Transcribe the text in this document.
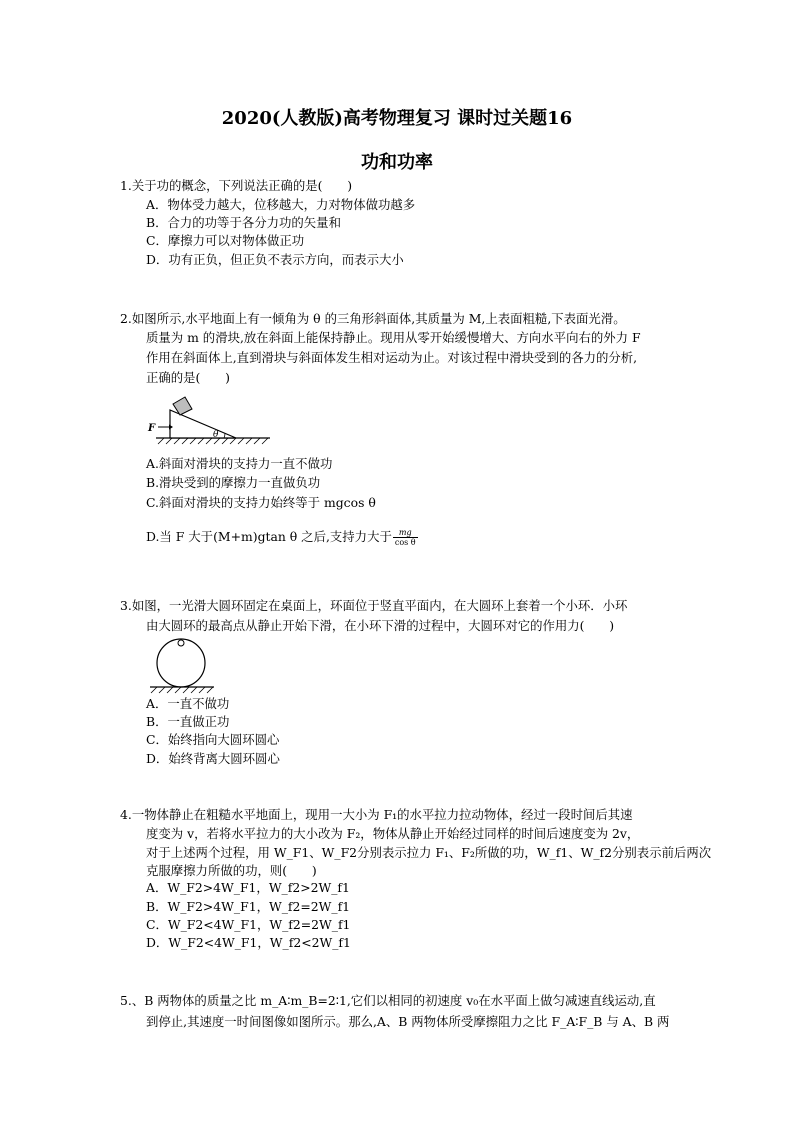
2020(人教版)高考物理复习 课时过关题16
功和功率
1.关于功的概念，下列说法正确的是(　　)
A．物体受力越大，位移越大，力对物体做功越多
B．合力的功等于各分力功的矢量和
C．摩擦力可以对物体做正功
D．功有正负，但正负不表示方向，而表示大小
2.如图所示,水平地面上有一倾角为 θ 的三角形斜面体,其质量为 M,上表面粗糙,下表面光滑。
质量为 m 的滑块,放在斜面上能保持静止。现用从零开始缓慢增大、方向水平向右的外力 F
作用在斜面体上,直到滑块与斜面体发生相对运动为止。对该过程中滑块受到的各力的分析,
正确的是(　　)
θ
F
A.斜面对滑块的支持力一直不做功
B.滑块受到的摩擦力一直做负功
C.斜面对滑块的支持力始终等于 mgcos θ
D.当 F 大于(M+m)gtan θ 之后,支持力大于 $\frac{mg}{\text{cos θ}}$
3.如图，一光滑大圆环固定在桌面上，环面位于竖直平面内，在大圆环上套着一个小环．小环
由大圆环的最高点从静止开始下滑，在小环下滑的过程中，大圆环对它的作用力(　　)
A．一直不做功
B．一直做正功
C．始终指向大圆环圆心
D．始终背离大圆环圆心
4.一物体静止在粗糙水平地面上，现用一大小为 F₁的水平拉力拉动物体，经过一段时间后其速
度变为 v，若将水平拉力的大小改为 F₂，物体从静止开始经过同样的时间后速度变为 2v，
对于上述两个过程，用 W_F1、W_F2分别表示拉力 F₁、F₂所做的功，W_f1、W_f2分别表示前后两次
克服摩擦力所做的功，则(　　)
A．W_F2>4W_F1，W_f2>2W_f1
B．W_F2>4W_F1，W_f2=2W_f1
C．W_F2<4W_F1，W_f2=2W_f1
D．W_F2<4W_F1，W_f2<2W_f1
5.、B 两物体的质量之比 m_A∶m_B=2∶1,它们以相同的初速度 v₀在水平面上做匀减速直线运动,直
到停止,其速度一时间图像如图所示。那么,A、B 两物体所受摩擦阻力之比 F_A∶F_B 与 A、B 两
